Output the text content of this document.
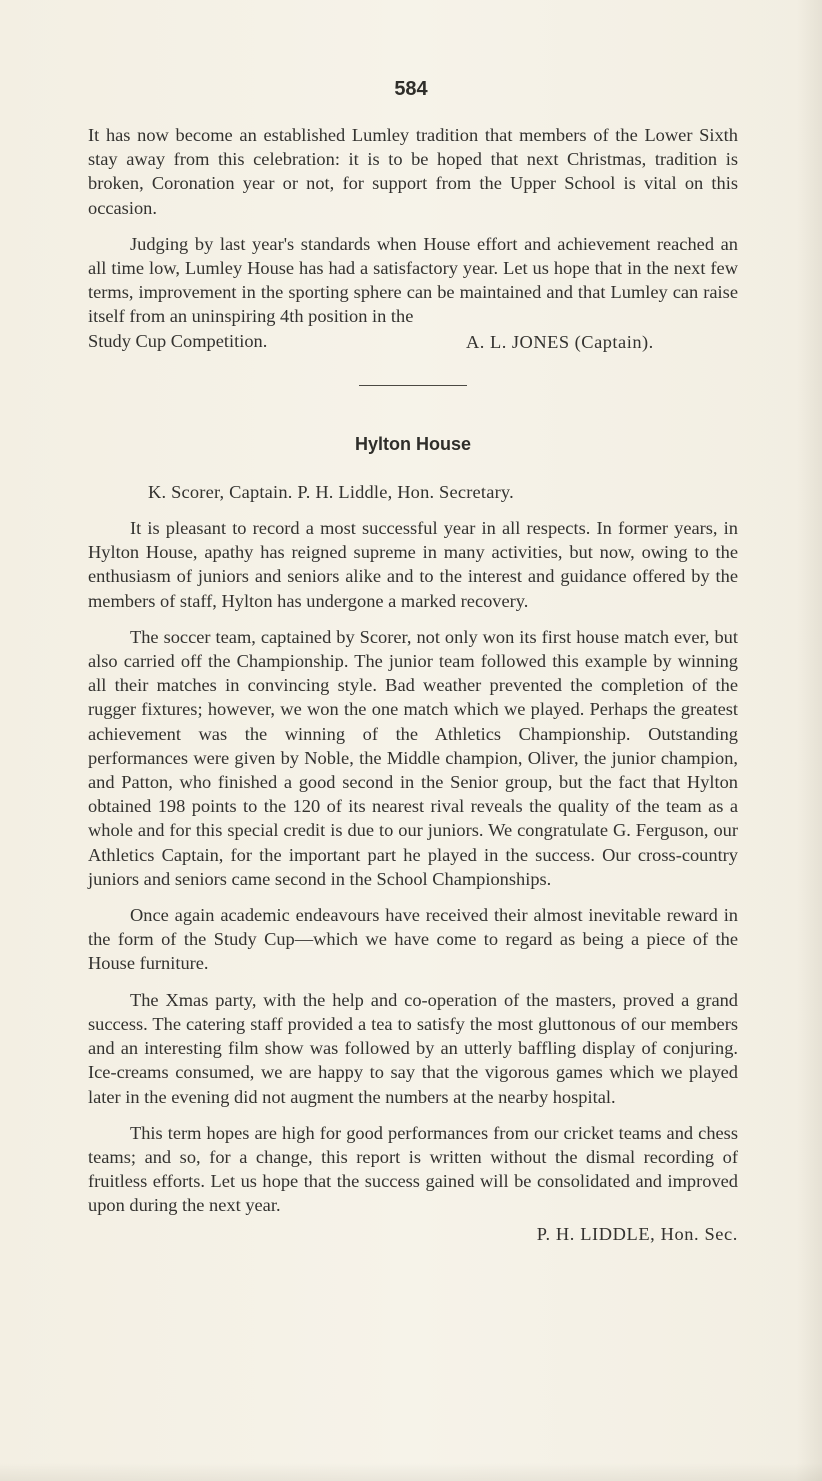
584

It has now become an established Lumley tradition that members of the Lower Sixth stay away from this celebration: it is to be hoped that next Christmas, tradition is broken, Coronation year or not, for support from the Upper School is vital on this occasion.

Judging by last year's standards when House effort and achievement reached an all time low, Lumley House has had a satisfactory year. Let us hope that in the next few terms, improvement in the sporting sphere can be maintained and that Lumley can raise itself from an uninspiring 4th position in the

Study Cup Competition.	A. L. JONES (Captain).

Hylton House

K. Scorer, Captain. P. H. Liddle, Hon. Secretary.

It is pleasant to record a most successful year in all respects. In former years, in Hylton House, apathy has reigned supreme in many activities, but now, owing to the enthusiasm of juniors and seniors alike and to the interest and guidance offered by the members of staff, Hylton has undergone a marked recovery.

The soccer team, captained by Scorer, not only won its first house match ever, but also carried off the Championship. The junior team followed this example by winning all their matches in convincing style. Bad weather prevented the completion of the rugger fixtures; however, we won the one match which we played. Perhaps the greatest achievement was the winning of the Athletics Championship. Outstanding performances were given by Noble, the Middle champion, Oliver, the junior champion, and Patton, who finished a good second in the Senior group, but the fact that Hylton obtained 198 points to the 120 of its nearest rival reveals the quality of the team as a whole and for this special credit is due to our juniors. We congratulate G. Ferguson, our Athletics Captain, for the important part he played in the success. Our cross-country juniors and seniors came second in the School Championships.

Once again academic endeavours have received their almost inevitable reward in the form of the Study Cup—which we have come to regard as being a piece of the House furniture.

The Xmas party, with the help and co-operation of the masters, proved a grand success. The catering staff provided a tea to satisfy the most gluttonous of our members and an interesting film show was followed by an utterly baffling display of conjuring. Ice-creams consumed, we are happy to say that the vigorous games which we played later in the evening did not augment the numbers at the nearby hospital.

This term hopes are high for good performances from our cricket teams and chess teams; and so, for a change, this report is written without the dismal recording of fruitless efforts. Let us hope that the success gained will be consolidated and improved upon during the next year.

P. H. LIDDLE, Hon. Sec.
